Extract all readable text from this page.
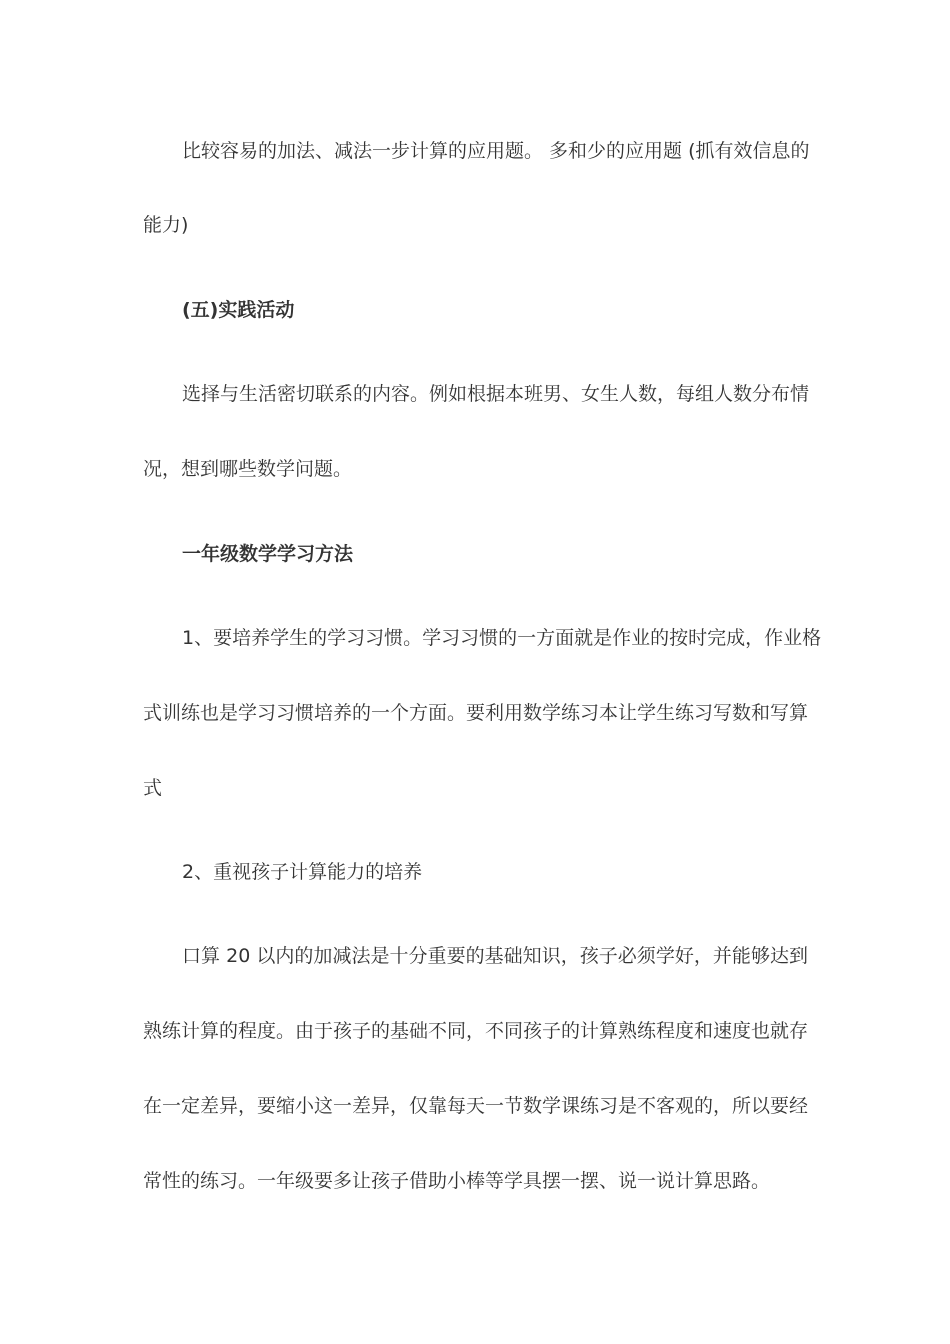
比较容易的加法、减法一步计算的应用题。 多和少的应用题 (抓有效信息的
能力)
(五)实践活动
选择与生活密切联系的内容。例如根据本班男、女生人数，每组人数分布情
况，想到哪些数学问题。
一年级数学学习方法
1、要培养学生的学习习惯。学习习惯的一方面就是作业的按时完成，作业格
式训练也是学习习惯培养的一个方面。要利用数学练习本让学生练习写数和写算
式
2、重视孩子计算能力的培养
口算 20 以内的加减法是十分重要的基础知识，孩子必须学好，并能够达到
熟练计算的程度。由于孩子的基础不同，不同孩子的计算熟练程度和速度也就存
在一定差异，要缩小这一差异，仅靠每天一节数学课练习是不客观的，所以要经
常性的练习。一年级要多让孩子借助小棒等学具摆一摆、说一说计算思路。
